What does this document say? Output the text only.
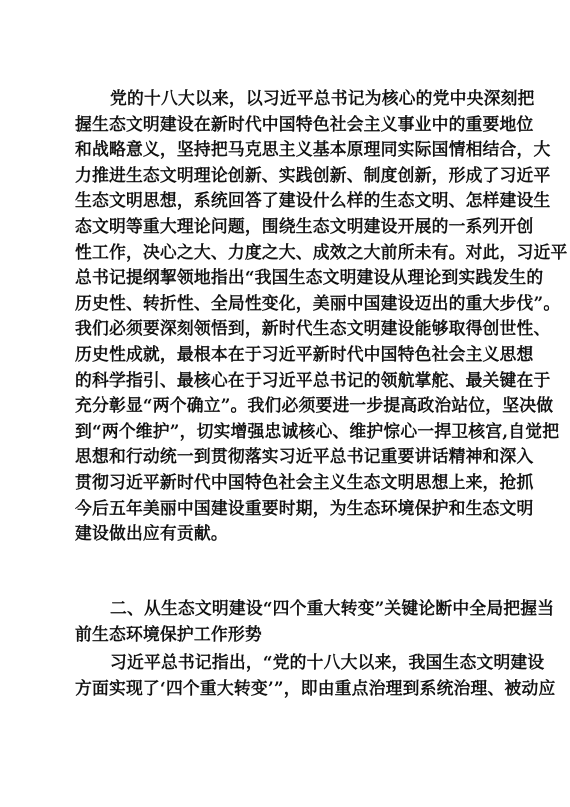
党的十八大以来，以习近平总书记为核心的党中央深刻把
握生态文明建设在新时代中国特色社会主义事业中的重要地位
和战略意义，坚持把马克思主义基本原理同实际国情相结合，大
力推进生态文明理论创新、实践创新、制度创新，形成了习近平
生态文明思想，系统回答了建设什么样的生态文明、怎样建设生
态文明等重大理论问题，围绕生态文明建设开展的一系列开创
性工作，决心之大、力度之大、成效之大前所未有。对此，习近平
总书记提纲挈领地指出“我国生态文明建设从理论到实践发生的
历史性、转折性、全局性变化，美丽中国建设迈出的重大步伐”。
我们必须要深刻领悟到，新时代生态文明建设能够取得创世性、
历史性成就，最根本在于习近平新时代中国特色社会主义思想
的科学指引、最核心在于习近平总书记的领航掌舵、最关键在于
充分彰显“两个确立”。我们必须要进一步提高政治站位，坚决做
到“两个维护”，切实增强忠诚核心、维护悰心一捍卫核宫,自觉把
思想和行动统一到贯彻落实习近平总书记重要讲话精神和深入
贯彻习近平新时代中国特色社会主义生态文明思想上来，抢抓
今后五年美丽中国建设重要时期，为生态环境保护和生态文明
建设做出应有贡献。
二、从生态文明建设“四个重大转变”关键论断中全局把握当
前生态环境保护工作形势
习近平总书记指出，“党的十八大以来，我国生态文明建设
方面实现了‘四个重大转变’”，即由重点治理到系统治理、被动应
